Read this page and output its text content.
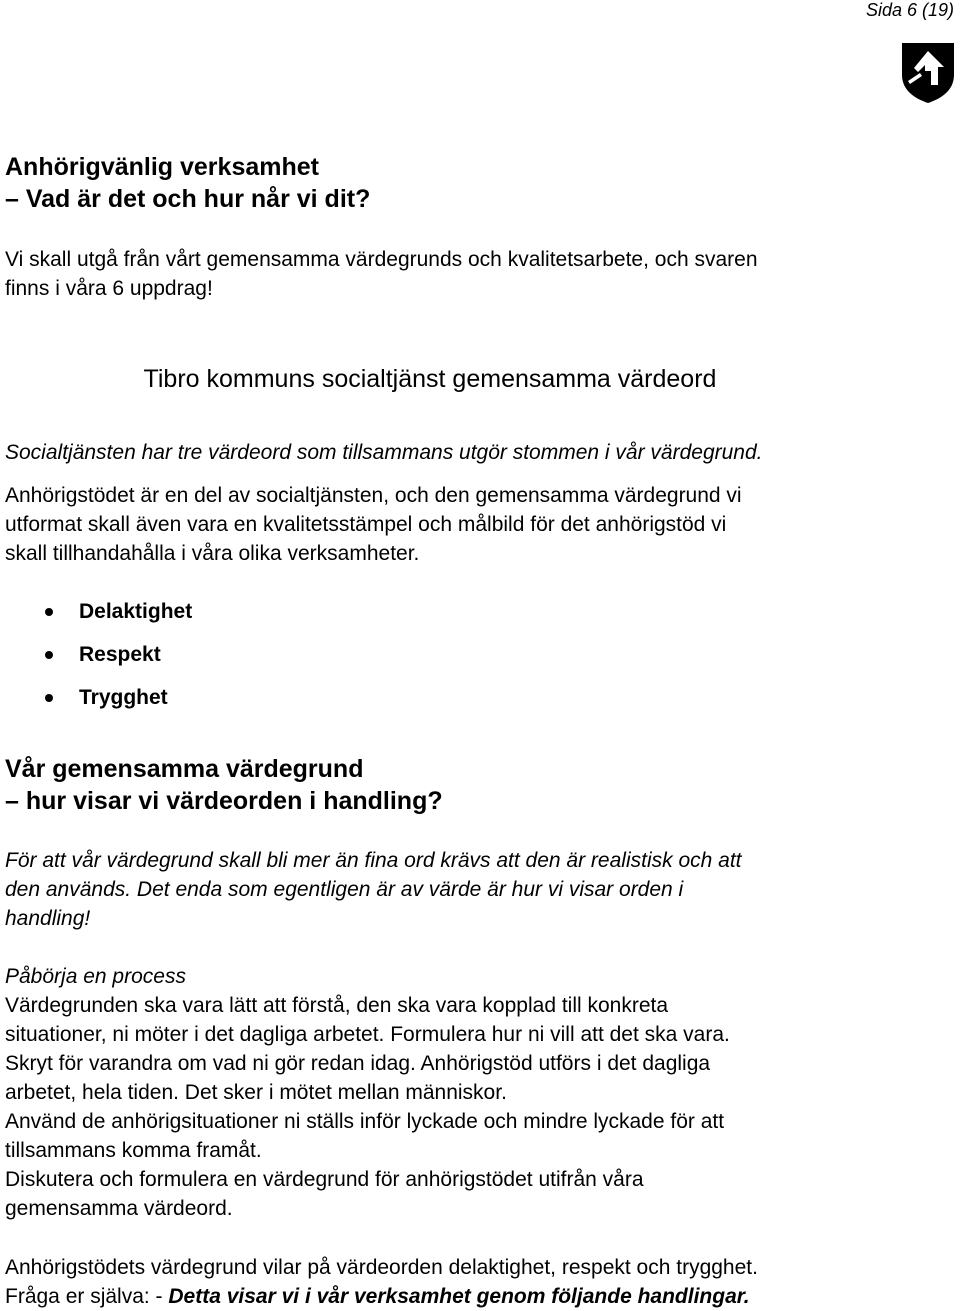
Sida 6 (19)
Anhörigvänlig verksamhet
– Vad är det och hur når vi dit?
Vi skall utgå från vårt gemensamma värdegrunds och kvalitetsarbete, och svaren
finns i våra 6 uppdrag!
Tibro kommuns socialtjänst gemensamma värdeord
Socialtjänsten har tre värdeord som tillsammans utgör stommen i vår värdegrund.
Anhörigstödet är en del av socialtjänsten, och den gemensamma värdegrund vi
utformat skall även vara en kvalitetsstämpel och målbild för det anhörigstöd vi
skall tillhandahålla i våra olika verksamheter.
Delaktighet
Respekt
Trygghet
Vår gemensamma värdegrund
– hur visar vi värdeorden i handling?
För att vår värdegrund skall bli mer än fina ord krävs att den är realistisk och att
den används. Det enda som egentligen är av värde är hur vi visar orden i
handling!
Påbörja en process
Värdegrunden ska vara lätt att förstå, den ska vara kopplad till konkreta
situationer, ni möter i det dagliga arbetet. Formulera hur ni vill att det ska vara.
Skryt för varandra om vad ni gör redan idag. Anhörigstöd utförs i det dagliga
arbetet, hela tiden. Det sker i mötet mellan människor.
Använd de anhörigsituationer ni ställs inför lyckade och mindre lyckade för att
tillsammans komma framåt.
Diskutera och formulera en värdegrund för anhörigstödet utifrån våra
gemensamma värdeord.
Anhörigstödets värdegrund vilar på värdeorden delaktighet, respekt och trygghet.
Fråga er själva: - Detta visar vi i vår verksamhet genom följande handlingar.
